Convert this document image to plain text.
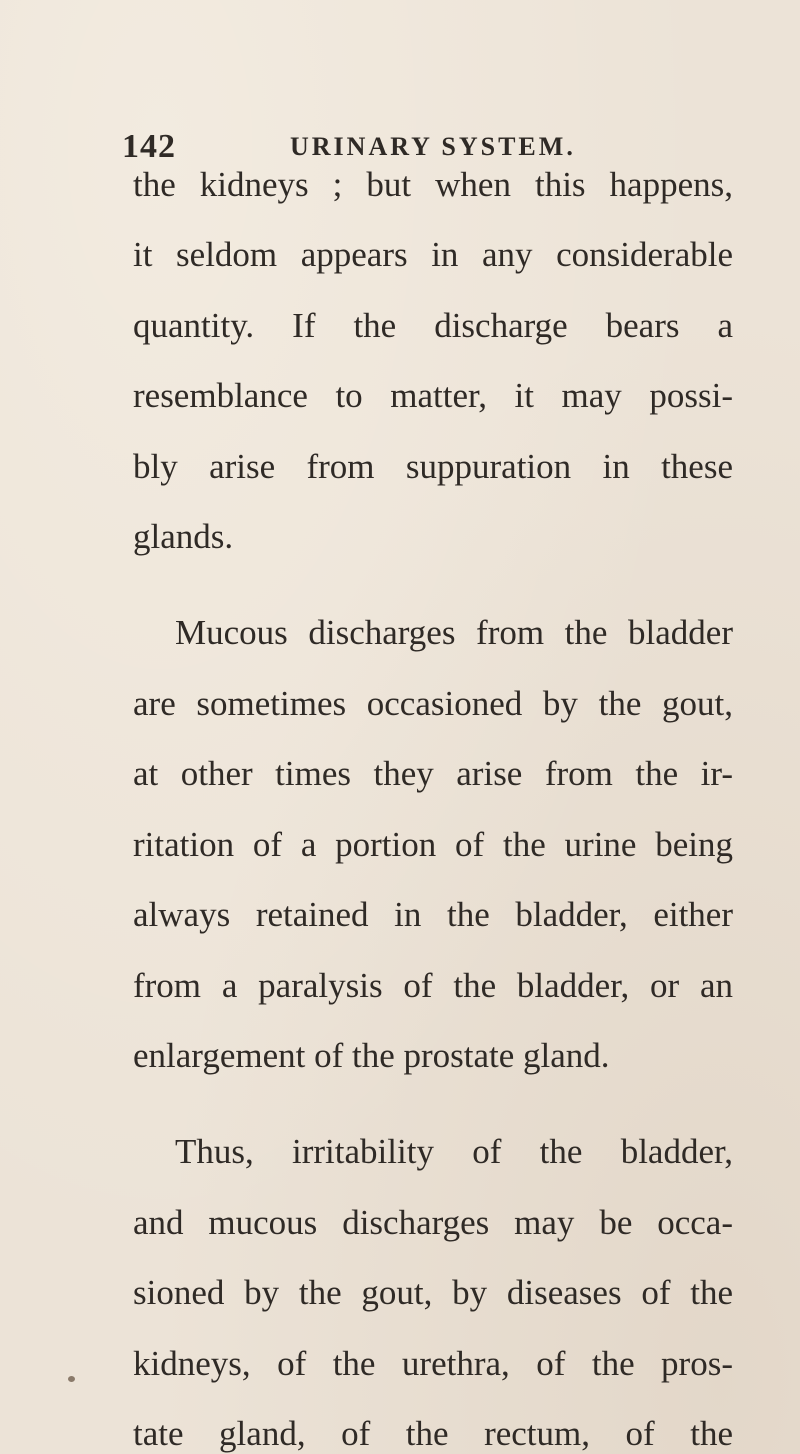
142	URINARY SYSTEM.
the kidneys ; but when this happens,
it seldom appears in any considerable
quantity. If the discharge bears a
resemblance to matter, it may possi-
bly arise from suppuration in these
glands.
Mucous discharges from the bladder
are sometimes occasioned by the gout,
at other times they arise from the ir-
ritation of a portion of the urine being
always retained in the bladder, either
from a paralysis of the bladder, or an
enlargement of the prostate gland.
Thus, irritability of the bladder,
and mucous discharges may be occa-
sioned by the gout, by diseases of the
kidneys, of the urethra, of the pros-
tate gland, of the rectum, of the
